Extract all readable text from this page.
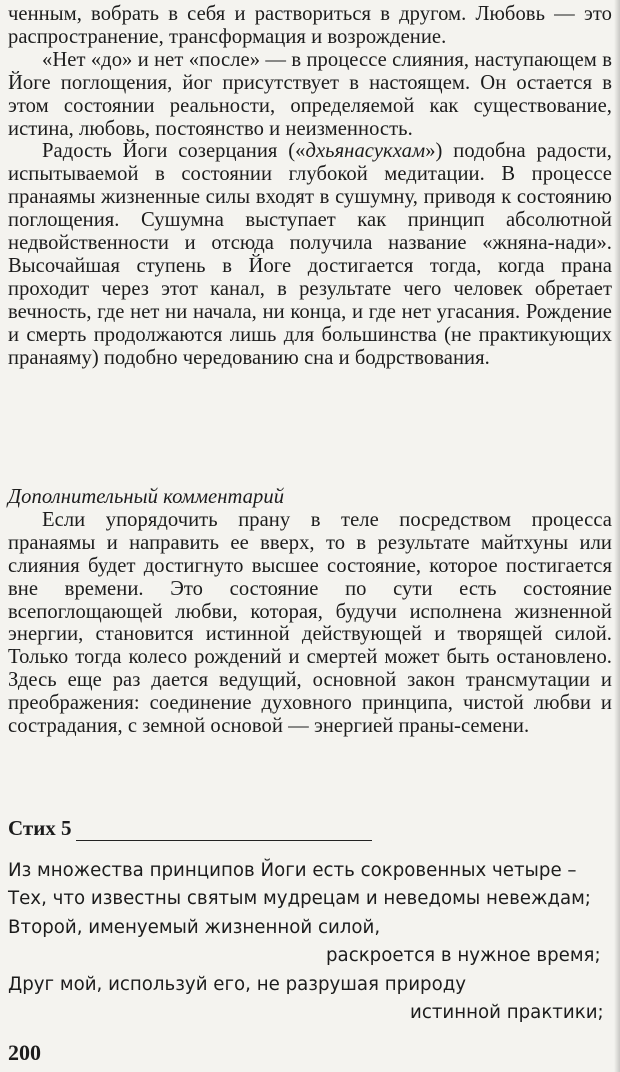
ченным, вобрать в себя и раствориться в другом. Любовь — это распространение, трансформация и возрождение.

«Нет «до» и нет «после» — в процессе слияния, наступающем в Йоге поглощения, йог присутствует в настоящем. Он остается в этом состоянии реальности, определяемой как существование, истина, любовь, постоянство и неизменность.

Радость Йоги созерцания («дхьянасукхам») подобна радости, испытываемой в состоянии глубокой медитации. В процессе пранаямы жизненные силы входят в сушумну, приводя к состоянию поглощения. Сушумна выступает как принцип абсолютной недвойственности и отсюда получила название «жняна-нади». Высочайшая ступень в Йоге достигается тогда, когда прана проходит через этот канал, в результате чего человек обретает вечность, где нет ни начала, ни конца, и где нет угасания. Рождение и смерть продолжаются лишь для большинства (не практикующих пранаяму) подобно чередованию сна и бодрствования.

Дополнительный комментарий

Если упорядочить прану в теле посредством процесса пранаямы и направить ее вверх, то в результате майтхуны или слияния будет достигнуто высшее состояние, которое постигается вне времени. Это состояние по сути есть состояние всепоглощающей любви, которая, будучи исполнена жизненной энергии, становится истинной действующей и творящей силой. Только тогда колесо рождений и смертей может быть остановлено. Здесь еще раз дается ведущий, основной закон трансмутации и преображения: соединение духовного принципа, чистой любви и сострадания, с земной основой — энергией праны-семени.

Стих 5
Из множества принципов Йоги есть сокровенных четыре –
Тех, что известны святым мудрецам и неведомы невеждам;
Второй, именуемый жизненной силой,
раскроется в нужное время;
Друг мой, используй его, не разрушая природу
истинной практики;
200
